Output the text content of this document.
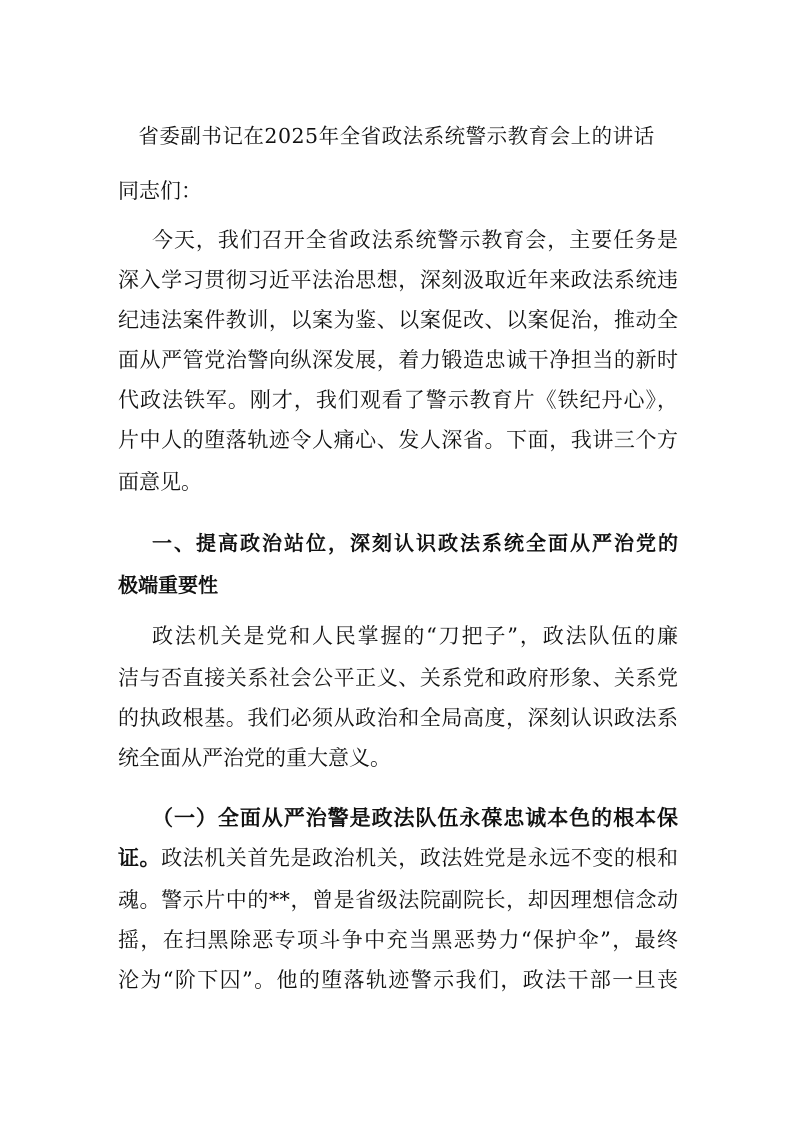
省委副书记在2025年全省政法系统警示教育会上的讲话
同志们：
今天，我们召开全省政法系统警示教育会，主要任务是
深入学习贯彻习近平法治思想，深刻汲取近年来政法系统违
纪违法案件教训，以案为鉴、以案促改、以案促治，推动全
面从严管党治警向纵深发展，着力锻造忠诚干净担当的新时
代政法铁军。刚才，我们观看了警示教育片《铁纪丹心》，
片中人的堕落轨迹令人痛心、发人深省。下面，我讲三个方
面意见。
一、提高政治站位，深刻认识政法系统全面从严治党的
极端重要性
政法机关是党和人民掌握的“刀把子”，政法队伍的廉
洁与否直接关系社会公平正义、关系党和政府形象、关系党
的执政根基。我们必须从政治和全局高度，深刻认识政法系
统全面从严治党的重大意义。
（一）全面从严治警是政法队伍永葆忠诚本色的根本保
证。政法机关首先是政治机关，政法姓党是永远不变的根和
魂。警示片中的**，曾是省级法院副院长，却因理想信念动
摇，在扫黑除恶专项斗争中充当黑恶势力“保护伞”，最终
沦为“阶下囚”。他的堕落轨迹警示我们，政法干部一旦丧
